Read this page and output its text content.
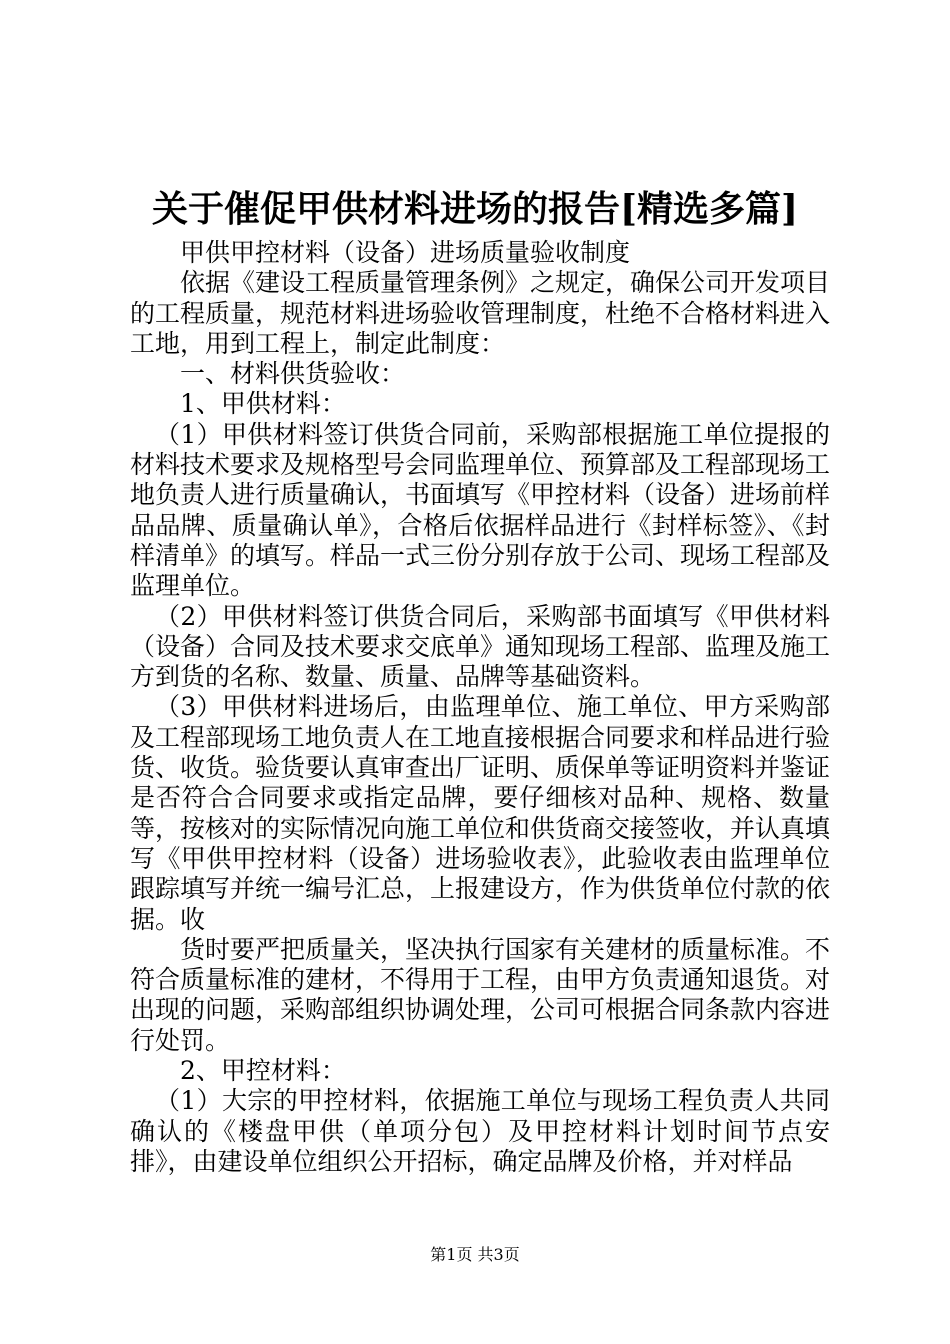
关于催促甲供材料进场的报告[精选多篇]

甲供甲控材料（设备）进场质量验收制度

依据《建设工程质量管理条例》之规定，确保公司开发项目的工程质量，规范材料进场验收管理制度，杜绝不合格材料进入工地，用到工程上，制定此制度：

一、材料供货验收：

1、甲供材料：

（1）甲供材料签订供货合同前，采购部根据施工单位提报的材料技术要求及规格型号会同监理单位、预算部及工程部现场工地负责人进行质量确认，书面填写《甲控材料（设备）进场前样品品牌、质量确认单》，合格后依据样品进行《封样标签》、《封样清单》的填写。样品一式三份分别存放于公司、现场工程部及监理单位。

（2）甲供材料签订供货合同后，采购部书面填写《甲供材料（设备）合同及技术要求交底单》通知现场工程部、监理及施工方到货的名称、数量、质量、品牌等基础资料。

（3）甲供材料进场后，由监理单位、施工单位、甲方采购部及工程部现场工地负责人在工地直接根据合同要求和样品进行验货、收货。验货要认真审查出厂证明、质保单等证明资料并鉴证是否符合合同要求或指定品牌，要仔细核对品种、规格、数量等，按核对的实际情况向施工单位和供货商交接签收，并认真填写《甲供甲控材料（设备）进场验收表》，此验收表由监理单位跟踪填写并统一编号汇总，上报建设方，作为供货单位付款的依据。收

货时要严把质量关，坚决执行国家有关建材的质量标准。不符合质量标准的建材，不得用于工程，由甲方负责通知退货。对出现的问题，采购部组织协调处理，公司可根据合同条款内容进行处罚。

2、甲控材料：

（1）大宗的甲控材料，依据施工单位与现场工程负责人共同确认的《楼盘甲供（单项分包）及甲控材料计划时间节点安排》，由建设单位组织公开招标，确定品牌及价格，并对样品

第1页 共3页
